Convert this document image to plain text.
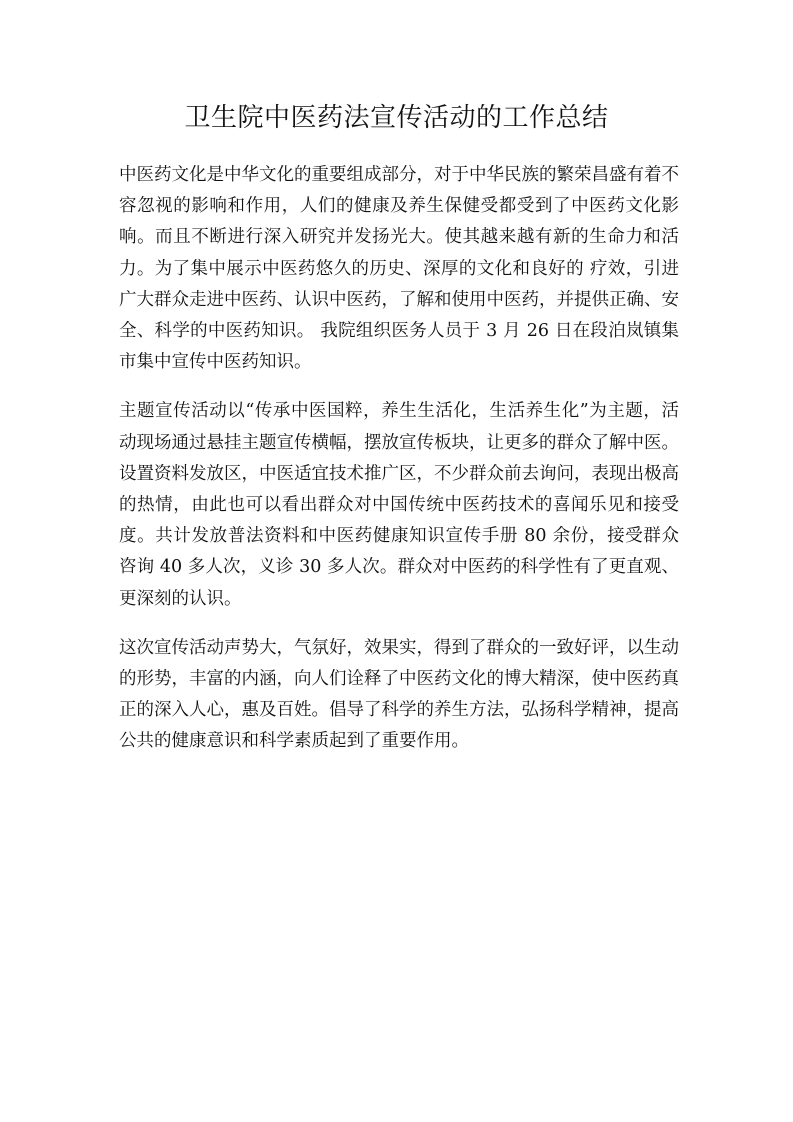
卫生院中医药法宣传活动的工作总结

中医药文化是中华文化的重要组成部分，对于中华民族的繁荣昌盛有着不容忽视的影响和作用，人们的健康及养生保健受都受到了中医药文化影响。而且不断进行深入研究并发扬光大。使其越来越有新的生命力和活力。为了集中展示中医药悠久的历史、深厚的文化和良好的 疗效，引进广大群众走进中医药、认识中医药，了解和使用中医药，并提供正确、安全、科学的中医药知识。 我院组织医务人员于 3 月 26 日在段泊岚镇集市集中宣传中医药知识。

主题宣传活动以“传承中医国粹，养生生活化，生活养生化”为主题，活动现场通过悬挂主题宣传横幅，摆放宣传板块，让更多的群众了解中医。设置资料发放区，中医适宜技术推广区，不少群众前去询问，表现出极高的热情，由此也可以看出群众对中国传统中医药技术的喜闻乐见和接受度。共计发放普法资料和中医药健康知识宣传手册 80 余份，接受群众 咨询 40 多人次，义诊 30 多人次。群众对中医药的科学性有了更直观、更深刻的认识。

这次宣传活动声势大，气氛好，效果实，得到了群众的一致好评，以生动的形势，丰富的内涵，向人们诠释了中医药文化的博大精深，使中医药真正的深入人心，惠及百姓。倡导了科学的养生方法，弘扬科学精神，提高公共的健康意识和科学素质起到了重要作用。
